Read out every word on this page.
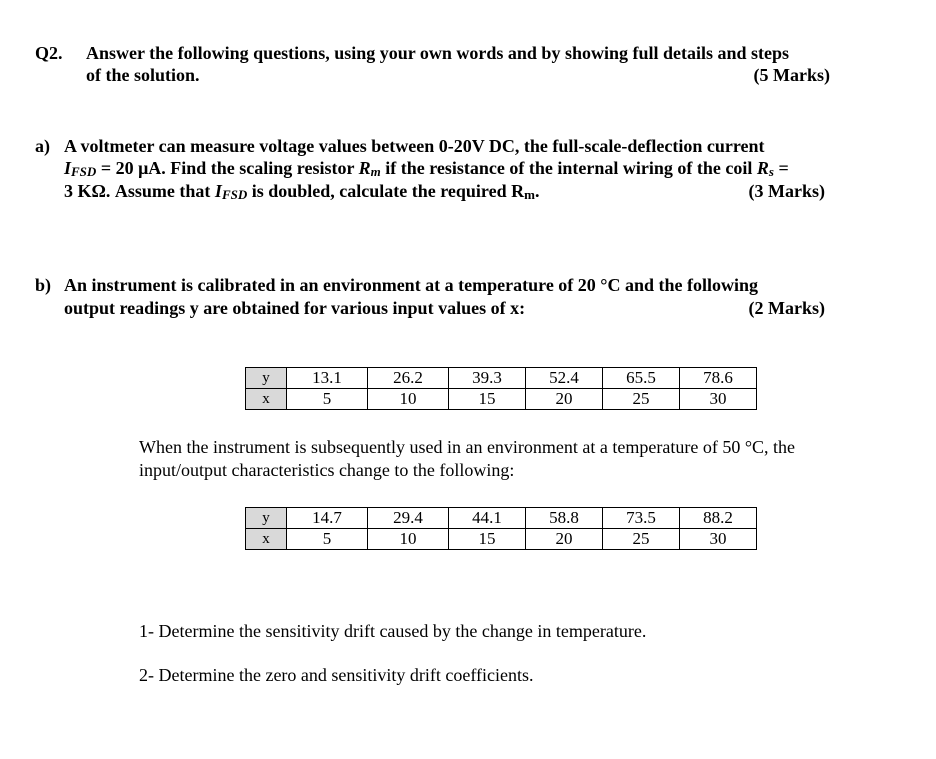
Q2. Answer the following questions, using your own words and by showing full details and steps
of the solution.	(5 Marks)
a) A voltmeter can measure voltage values between 0-20V DC, the full-scale-deflection current
IFSD = 20 μA. Find the scaling resistor Rm if the resistance of the internal wiring of the coil Rs =
3 KΩ. Assume that IFSD is doubled, calculate the required Rm.	(3 Marks)
b) An instrument is calibrated in an environment at a temperature of 20 °C and the following
output readings y are obtained for various input values of x:	(2 Marks)
y	13.1	26.2	39.3	52.4	65.5	78.6
x	5	10	15	20	25	30
When the instrument is subsequently used in an environment at a temperature of 50 °C, the
input/output characteristics change to the following:
y	14.7	29.4	44.1	58.8	73.5	88.2
x	5	10	15	20	25	30
1- Determine the sensitivity drift caused by the change in temperature.
2- Determine the zero and sensitivity drift coefficients.
